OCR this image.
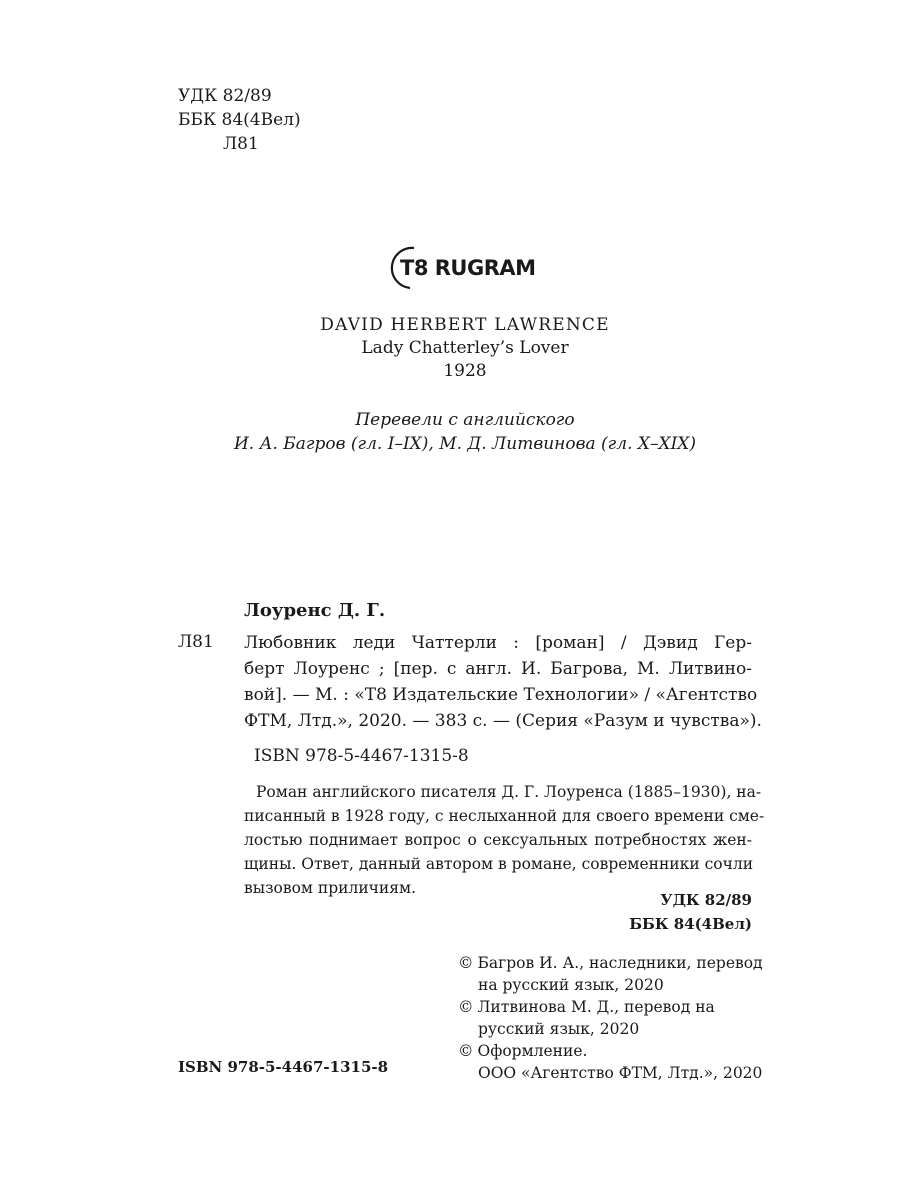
УДК 82/89
ББК 84(4Вел)
Л81
T8 RUGRAM
DAVID HERBERT LAWRENCE
Lady Chatterley’s Lover
1928
Перевели с английского
И. А. Багров (гл. I–IX), М. Д. Литвинова (гл. X–XIX)
Лоуренс Д. Г.
Л81 Любовник леди Чаттерли : [роман] / Дэвид Гер-
берт Лоуренс ; [пер. с англ. И. Багрова, М. Литвино-
вой]. — М. : «Т8 Издательские Технологии» / «Агентство
ФТМ, Лтд.», 2020. — 383 с. — (Серия «Разум и чувства»).
ISBN 978-5-4467-1315-8
Роман английского писателя Д. Г. Лоуренса (1885–1930), на-
писанный в 1928 году, с неслыханной для своего времени сме-
лостью поднимает вопрос о сексуальных потребностях жен-
щины. Ответ, данный автором в романе, современники сочли
вызовом приличиям.
УДК 82/89
ББК 84(4Вел)
© Багров И. А., наследники, перевод
на русский язык, 2020
© Литвинова М. Д., перевод на
русский язык, 2020
© Оформление.
ООО «Агентство ФТМ, Лтд.», 2020
ISBN 978-5-4467-1315-8
